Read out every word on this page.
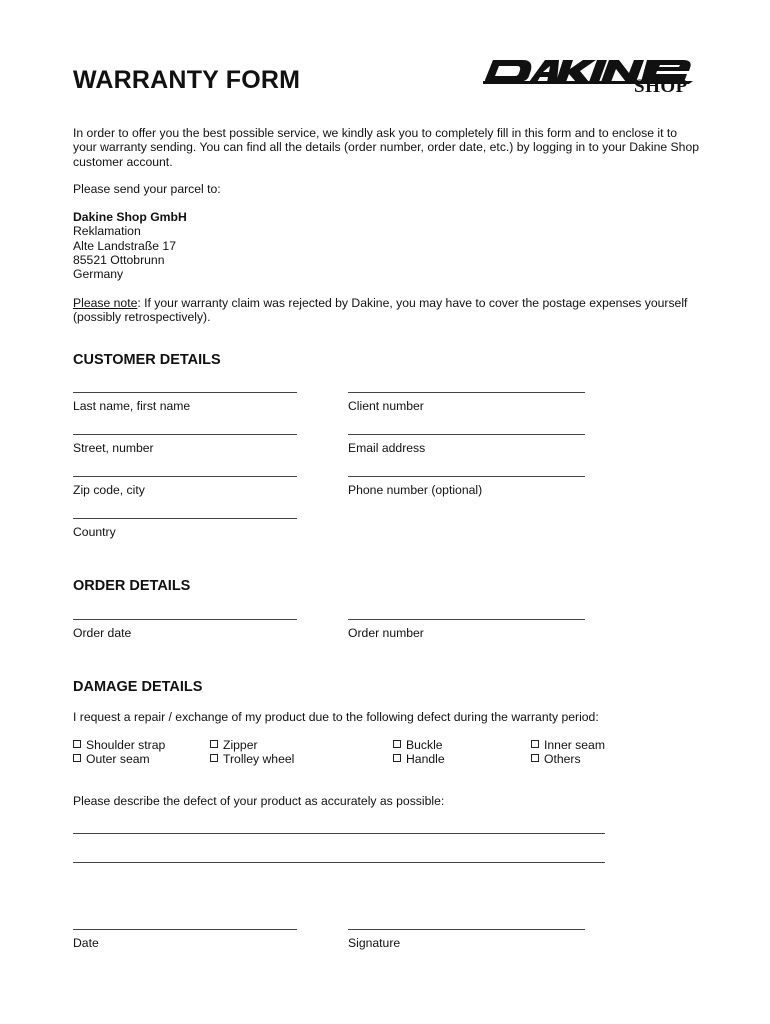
WARRANTY FORM	SHOP

In order to offer you the best possible service, we kindly ask you to completely fill in this form and to enclose it to your warranty sending. You can find all the details (order number, order date, etc.) by logging in to your Dakine Shop customer account.

Please send your parcel to:

Dakine Shop GmbH
Reklamation
Alte Landstraße 17
85521 Ottobrunn
Germany

Please note: If your warranty claim was rejected by Dakine, you may have to cover the postage expenses yourself (possibly retrospectively).

CUSTOMER DETAILS
Last name, first name	Client number
Street, number	Email address
Zip code, city	Phone number (optional)
Country
ORDER DETAILS
Order date	Order number
DAMAGE DETAILS

I request a repair / exchange of my product due to the following defect during the warranty period:

Shoulder strap
Outer seam
Zipper
Trolley wheel
Buckle
Handle
Inner seam
Others

Please describe the defect of your product as accurately as possible:

Date	Signature
